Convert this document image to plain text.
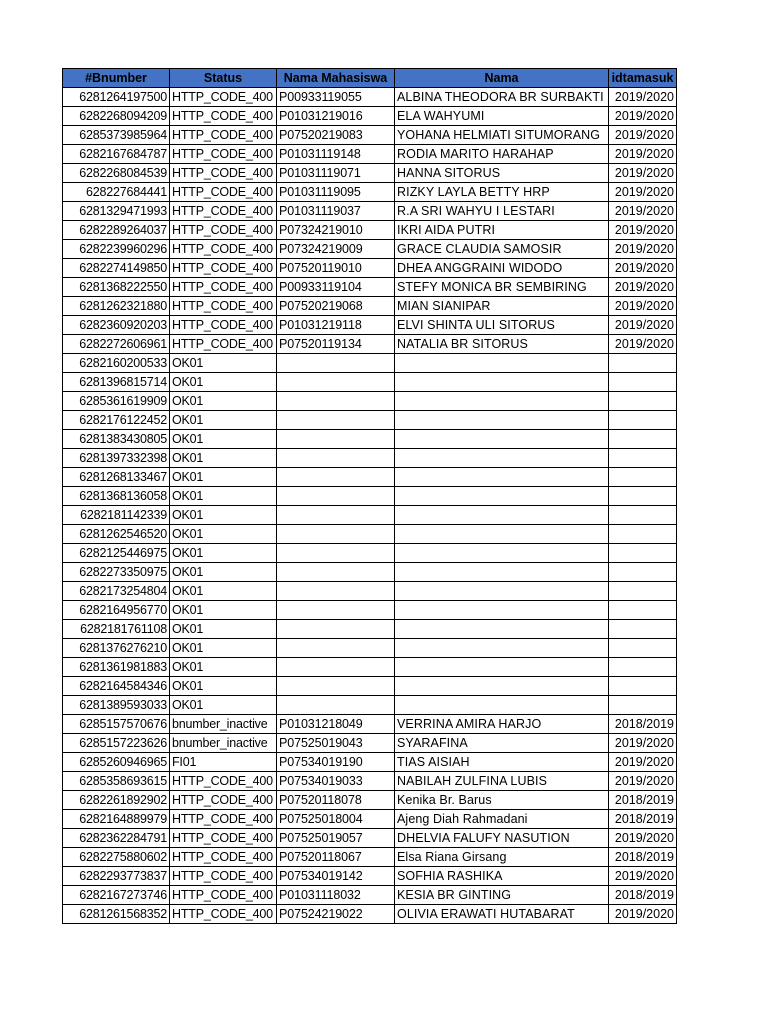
#Bnumber	Status	Nama Mahasiswa	Nama	idtamasuk
6281264197500	HTTP_CODE_400	P00933119055	ALBINA THEODORA BR SURBAKTI	2019/2020
6282268094209	HTTP_CODE_400	P01031219016	ELA WAHYUMI	2019/2020
6285373985964	HTTP_CODE_400	P07520219083	YOHANA HELMIATI SITUMORANG	2019/2020
6282167684787	HTTP_CODE_400	P01031119148	RODIA MARITO HARAHAP	2019/2020
6282268084539	HTTP_CODE_400	P01031119071	HANNA SITORUS	2019/2020
628227684441	HTTP_CODE_400	P01031119095	RIZKY LAYLA BETTY HRP	2019/2020
6281329471993	HTTP_CODE_400	P01031119037	R.A SRI WAHYU I LESTARI	2019/2020
6282289264037	HTTP_CODE_400	P07324219010	IKRI AIDA PUTRI	2019/2020
6282239960296	HTTP_CODE_400	P07324219009	GRACE CLAUDIA SAMOSIR	2019/2020
6282274149850	HTTP_CODE_400	P07520119010	DHEA ANGGRAINI WIDODO	2019/2020
6281368222550	HTTP_CODE_400	P00933119104	STEFY MONICA BR SEMBIRING	2019/2020
6281262321880	HTTP_CODE_400	P07520219068	MIAN SIANIPAR	2019/2020
6282360920203	HTTP_CODE_400	P01031219118	ELVI SHINTA ULI SITORUS	2019/2020
6282272606961	HTTP_CODE_400	P07520119134	NATALIA BR SITORUS	2019/2020
6282160200533	OK01			
6281396815714	OK01			
6285361619909	OK01			
6282176122452	OK01			
6281383430805	OK01			
6281397332398	OK01			
6281268133467	OK01			
6281368136058	OK01			
6282181142339	OK01			
6281262546520	OK01			
6282125446975	OK01			
6282273350975	OK01			
6282173254804	OK01			
6282164956770	OK01			
6282181761108	OK01			
6281376276210	OK01			
6281361981883	OK01			
6282164584346	OK01			
6281389593033	OK01			
6285157570676	bnumber_inactive	P01031218049	VERRINA AMIRA HARJO	2018/2019
6285157223626	bnumber_inactive	P07525019043	SYARAFINA	2019/2020
6285260946965	FI01	P07534019190	TIAS AISIAH	2019/2020
6285358693615	HTTP_CODE_400	P07534019033	NABILAH ZULFINA LUBIS	2019/2020
6282261892902	HTTP_CODE_400	P07520118078	Kenika Br. Barus	2018/2019
6282164889979	HTTP_CODE_400	P07525018004	Ajeng Diah Rahmadani	2018/2019
6282362284791	HTTP_CODE_400	P07525019057	DHELVIA FALUFY NASUTION	2019/2020
6282275880602	HTTP_CODE_400	P07520118067	Elsa Riana Girsang	2018/2019
6282293773837	HTTP_CODE_400	P07534019142	SOFHIA RASHIKA	2019/2020
6282167273746	HTTP_CODE_400	P01031118032	KESIA BR GINTING	2018/2019
6281261568352	HTTP_CODE_400	P07524219022	OLIVIA ERAWATI HUTABARAT	2019/2020
